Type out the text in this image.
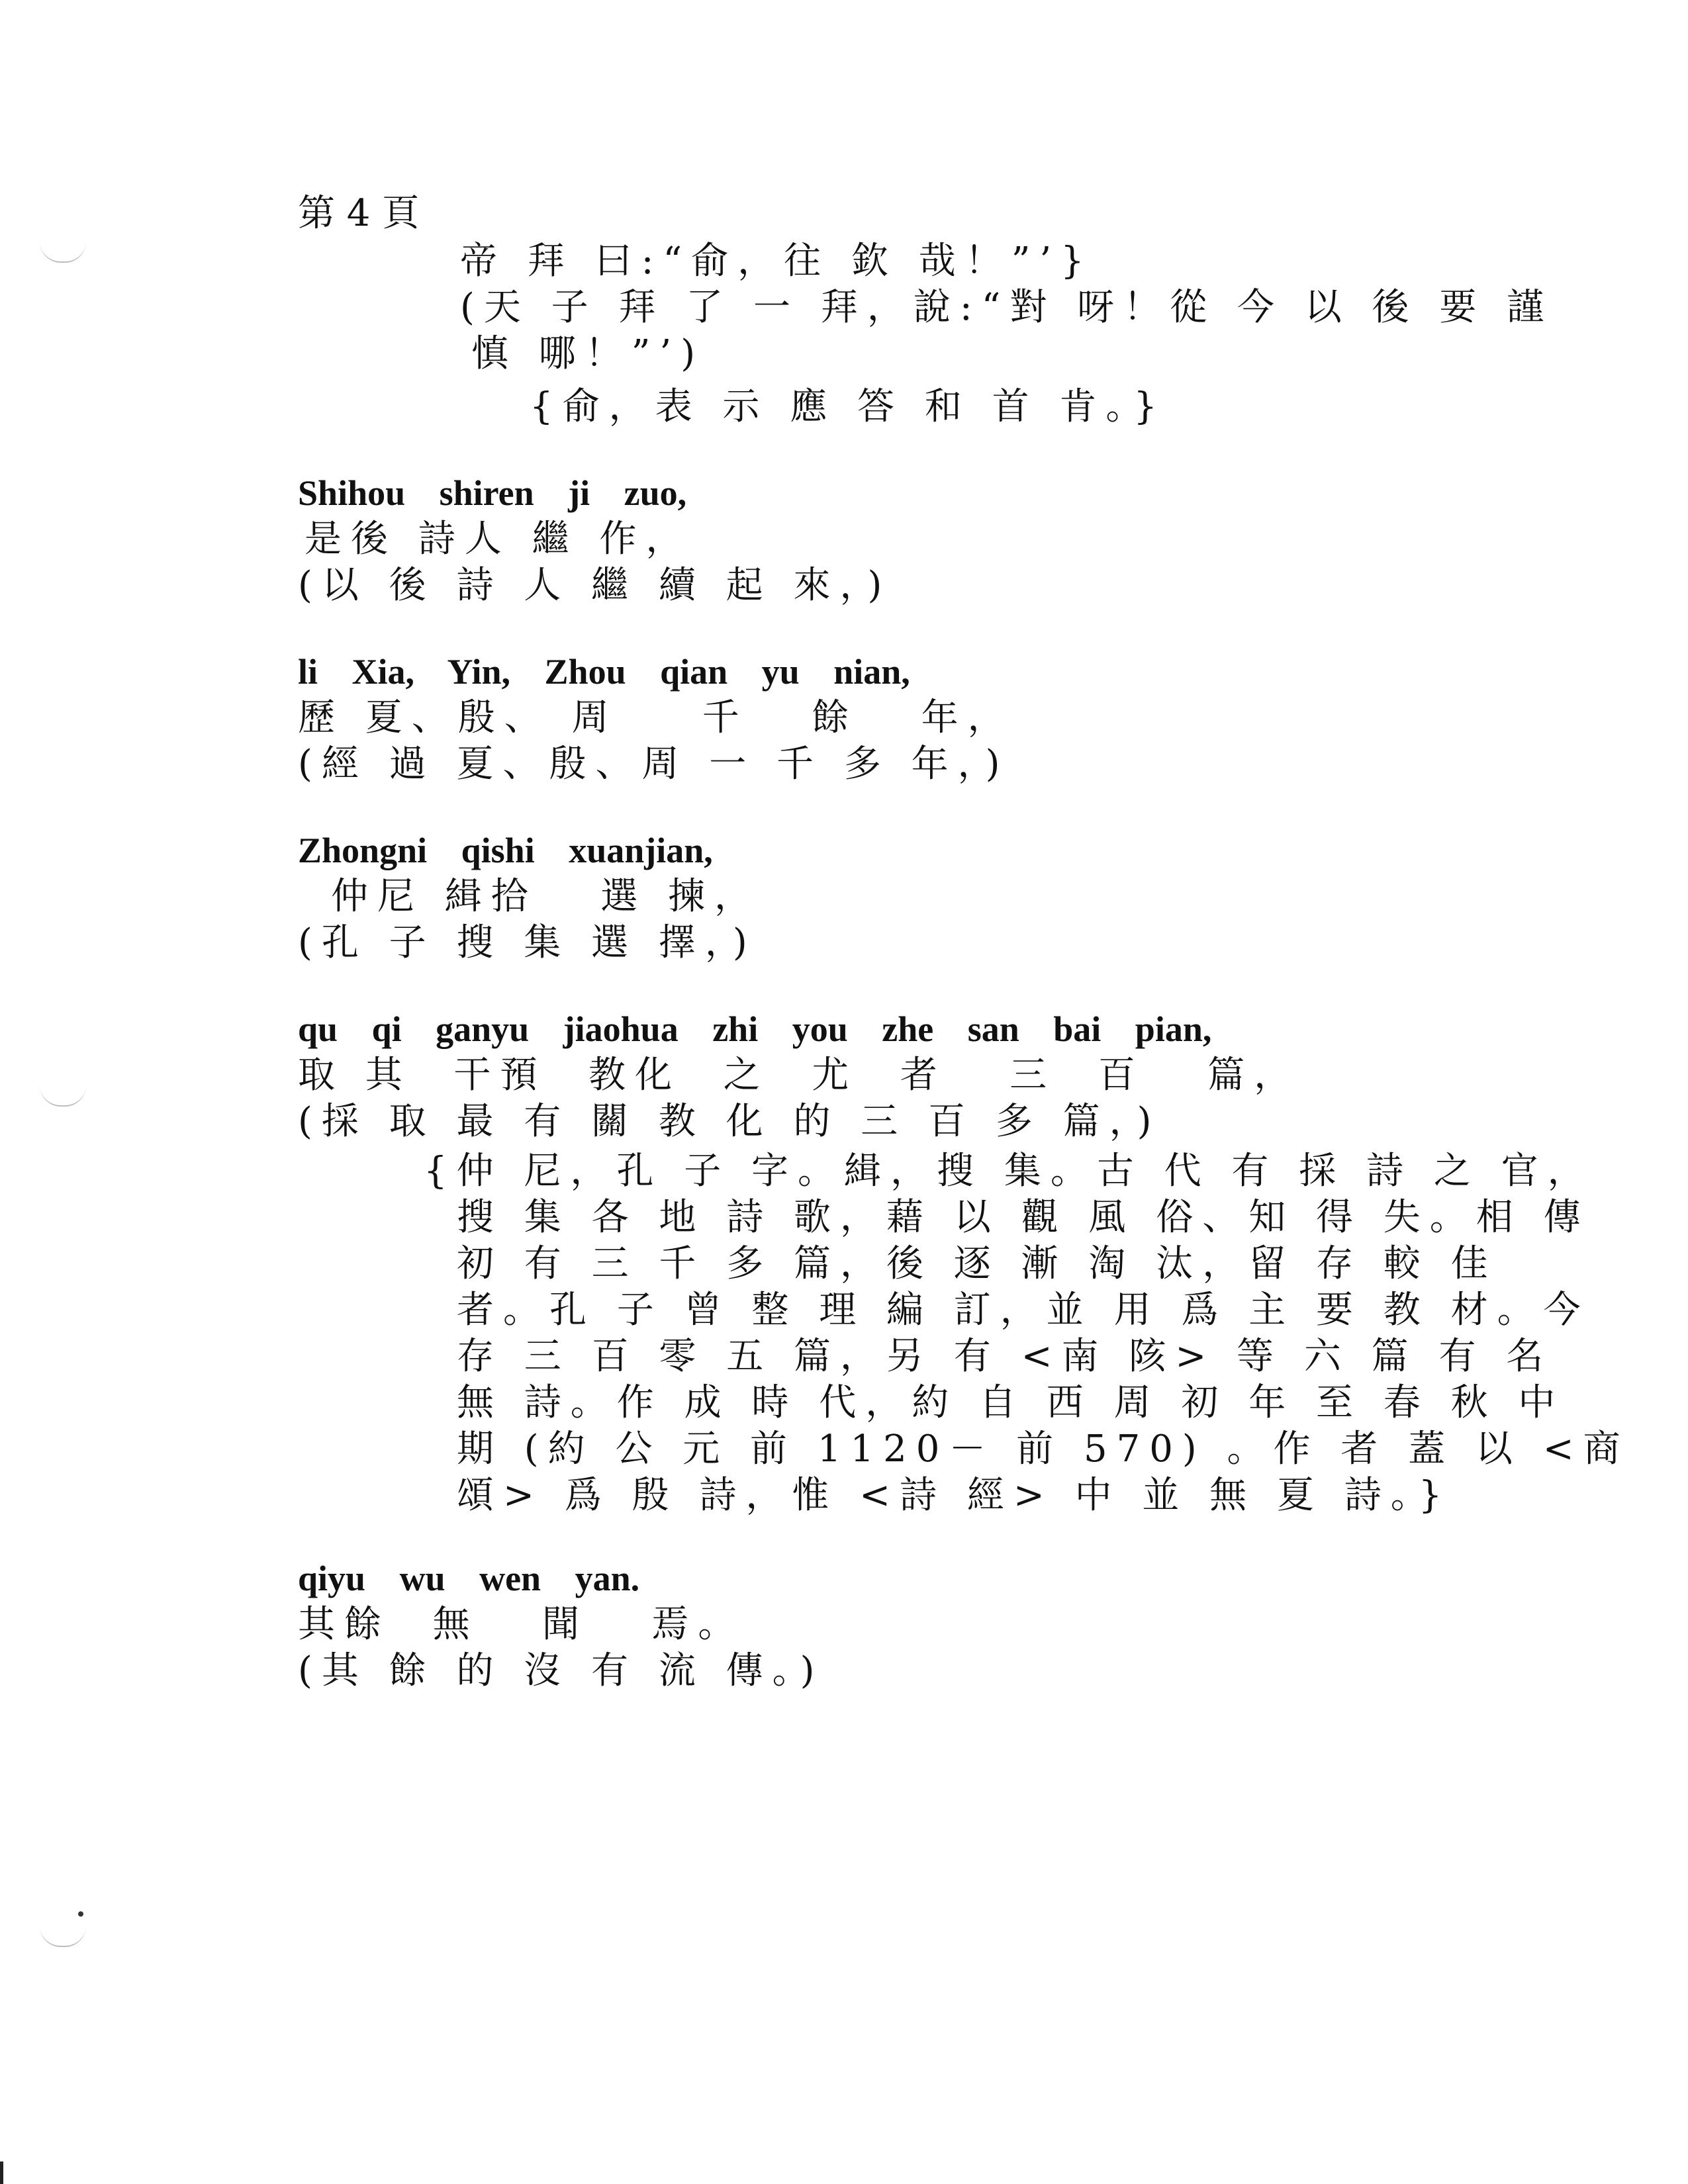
第 4 頁
帝 拜 曰:“俞，往 欽 哉！”’}
(天 子 拜 了 一 拜，說:“對 呀！從 今 以 後 要 謹
慎 哪！”’)
{俞，表 示 應 答 和 首 肯。}
Shihou shiren ji zuo,
是後 詩人 繼 作，
(以 後 詩 人 繼 續 起 來，)
li Xia, Yin, Zhou qian yu nian,
歷 夏、殷、 周    千   餘   年，
(經 過 夏、殷、周 一 千 多 年，)
Zhongni qishi xuanjian,
仲尼 緝拾   選 揀，
(孔 子 搜 集 選 擇，)
qu qi ganyu jiaohua zhi you zhe san bai pian,
取 其  干預  教化  之  尤  者   三  百   篇，
(採 取 最 有 關 教 化 的 三 百 多 篇，)
{仲 尼，孔 子 字。緝，搜 集。古 代 有 採 詩 之 官，
搜 集 各 地 詩 歌，藉 以 觀 風 俗、知 得 失。相 傳
初 有 三 千 多 篇，後 逐 漸 淘 汰，留 存 較 佳
者。孔 子 曾 整 理 編 訂，並 用 爲 主 要 教 材。今
存 三 百 零 五 篇，另 有 <南 陔> 等 六 篇 有 名
無 詩。作 成 時 代，約 自 西 周 初 年 至 春 秋 中
期 (約 公 元 前 1120－ 前 570) 。作 者 蓋 以 <商
頌> 爲 殷 詩，惟 <詩 經> 中 並 無 夏 詩。}
qiyu wu wen yan.
其餘  無   聞   焉。
(其 餘 的 沒 有 流 傳。)
